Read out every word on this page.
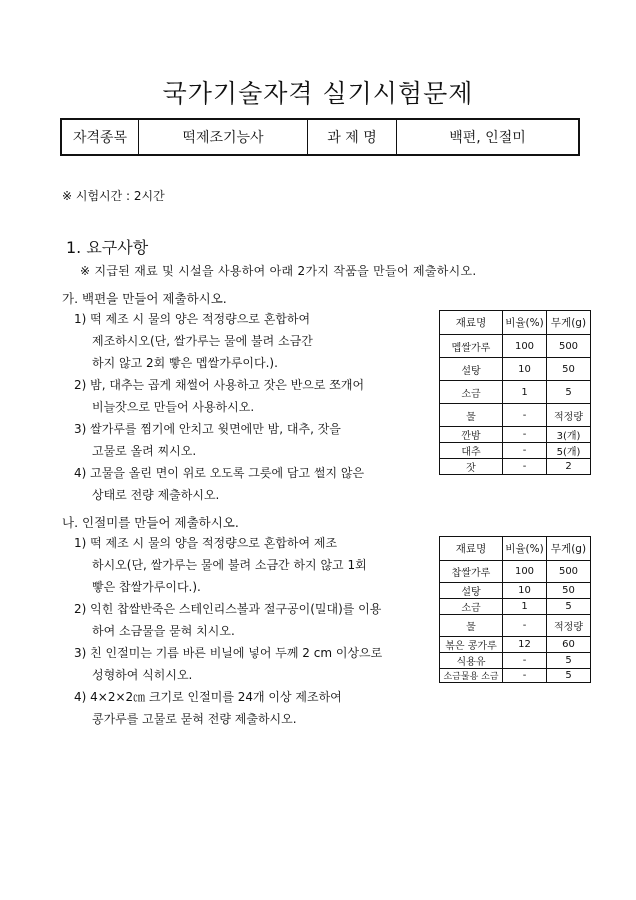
국가기술자격 실기시험문제
자격종목	떡제조기능사	과 제 명	백편, 인절미
※ 시험시간 : 2시간
1. 요구사항
※ 지급된 재료 및 시설을 사용하여 아래 2가지 작품을 만들어 제출하시오.
가. 백편을 만들어 제출하시오.
1) 떡 제조 시 물의 양은 적정량으로 혼합하여
제조하시오(단, 쌀가루는 물에 불려 소금간
하지 않고 2회 빻은 멥쌀가루이다.).
2) 밤, 대추는 곱게 채썰어 사용하고 잣은 반으로 쪼개어
비늘잣으로 만들어 사용하시오.
3) 쌀가루를 찜기에 안치고 윗면에만 밤, 대추, 잣을
고물로 올려 찌시오.
4) 고물을 올린 면이 위로 오도록 그릇에 담고 썰지 않은
상태로 전량 제출하시오.
재료명	비율(%)	무게(g)
멥쌀가루	100	500
설탕	10	50
소금	1	5
물	-	적정량
깐밤	-	3(개)
대추	-	5(개)
잣	-	2
나. 인절미를 만들어 제출하시오.
1) 떡 제조 시 물의 양을 적정량으로 혼합하여 제조
하시오(단, 쌀가루는 물에 불려 소금간 하지 않고 1회
빻은 찹쌀가루이다.).
2) 익힌 찹쌀반죽은 스테인리스볼과 절구공이(밀대)를 이용
하여 소금물을 묻혀 치시오.
3) 친 인절미는 기름 바른 비닐에 넣어 두께 2 cm 이상으로
성형하여 식히시오.
4) 4×2×2㎝ 크기로 인절미를 24개 이상 제조하여
콩가루를 고물로 묻혀 전량 제출하시오.
재료명	비율(%)	무게(g)
찹쌀가루	100	500
설탕	10	50
소금	1	5
물	-	적정량
볶은 콩가루	12	60
식용유	-	5
소금물용 소금	-	5
